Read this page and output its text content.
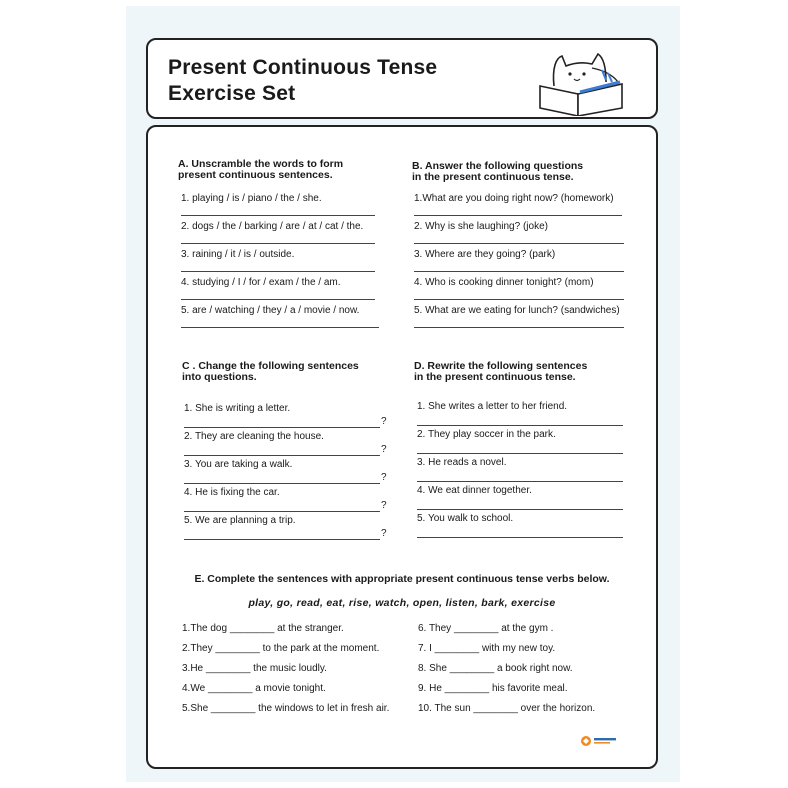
Present Continuous Tense
Exercise Set
A. Unscramble the words to form
present continuous sentences.
1. playing / is / piano / the / she.
2. dogs / the / barking / are / at / cat / the.
3. raining / it / is / outside.
4. studying / I / for / exam / the / am.
5. are / watching / they / a / movie / now.
B. Answer the following questions
in the present continuous tense.
1.What are you doing right now? (homework)
2. Why is she laughing? (joke)
3. Where are they going? (park)
4. Who is cooking dinner tonight? (mom)
5. What are we eating for lunch? (sandwiches)
C . Change the following sentences
into questions.
1. She is writing a letter.
?
2. They are cleaning the house.
?
3. You are taking a walk.
?
4. He is fixing the car.
?
5. We are planning a trip.
?
D. Rewrite the following sentences
in the present continuous tense.
1. She writes a letter to her friend.
2. They play soccer in the park.
3. He reads a novel.
4. We eat dinner together.
5. You walk to school.
E. Complete the sentences with appropriate present continuous tense verbs below.
play, go, read, eat, rise, watch, open, listen, bark, exercise
1.The dog ________ at the stranger.
2.They ________ to the park at the moment.
3.He ________ the music loudly.
4.We ________ a movie tonight.
5.She ________ the windows to let in fresh air.
6. They ________ at the gym .
7. I ________ with my new toy.
8. She ________ a book right now.
9. He ________ his favorite meal.
10. The sun ________ over the horizon.
